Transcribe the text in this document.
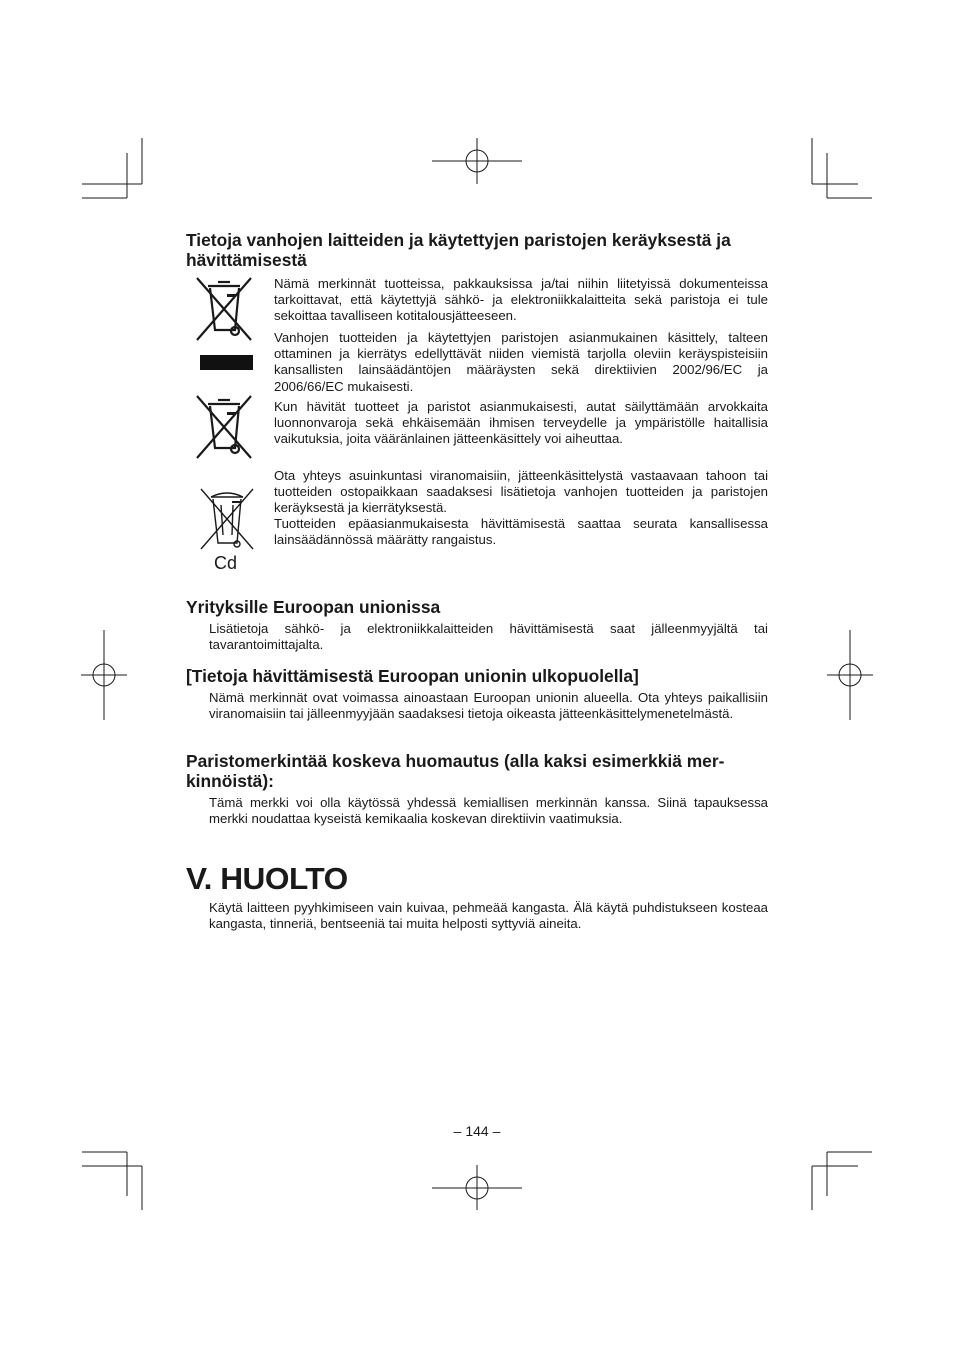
Tietoja vanhojen laitteiden ja käytettyjen paristojen keräyksestä ja hävittämisestä
Cd

Nämä merkinnät tuotteissa, pakkauksissa ja/tai niihin liitetyissä dokumenteissa tarkoittavat, että käytettyjä sähkö- ja elektroniikkalaitteita sekä paristoja ei tule sekoittaa tavalliseen kotitalousjätteeseen.

Vanhojen tuotteiden ja käytettyjen paristojen asianmukainen käsittely, talteen ottaminen ja kierrätys edellyttävät niiden viemistä tarjolla oleviin keräyspisteisiin kansallisten lainsäädäntöjen määräysten sekä direktiivien 2002/96/EC ja 2006/66/EC mukaisesti.

Kun hävität tuotteet ja paristot asianmukaisesti, autat säilyttämään arvokkaita luonnonvaroja sekä ehkäisemään ihmisen terveydelle ja ympäristölle haitallisia vaikutuksia, joita vääränlainen jätteenkäsittely voi aiheuttaa.

Ota yhteys asuinkuntasi viranomaisiin, jätteenkäsittelystä vastaavaan tahoon tai tuotteiden ostopaikkaan saadaksesi lisätietoja vanhojen tuotteiden ja paristojen keräyksestä ja kierrätyksestä.

Tuotteiden epäasianmukaisesta hävittämisestä saattaa seurata kansallisessa lainsäädännössä määrätty rangaistus.

Yrityksille Euroopan unionissa

Lisätietoja sähkö- ja elektroniikkalaitteiden hävittämisestä saat jälleenmyyjältä tai tavarantoimittajalta.

[Tietoja hävittämisestä Euroopan unionin ulkopuolella]

Nämä merkinnät ovat voimassa ainoastaan Euroopan unionin alueella. Ota yhteys paikallisiin viranomaisiin tai jälleenmyyjään saadaksesi tietoja oikeasta jätteenkäsittelymenetelmästä.

Paristomerkintää koskeva huomautus (alla kaksi esimerkkiä merkinnöistä):

Tämä merkki voi olla käytössä yhdessä kemiallisen merkinnän kanssa. Siinä tapauksessa merkki noudattaa kyseistä kemikaalia koskevan direktiivin vaatimuksia.

V. HUOLTO

Käytä laitteen pyyhkimiseen vain kuivaa, pehmeää kangasta. Älä käytä puhdistukseen kosteaa kangasta, tinneriä, bentseeniä tai muita helposti syttyviä aineita.

– 144 –
